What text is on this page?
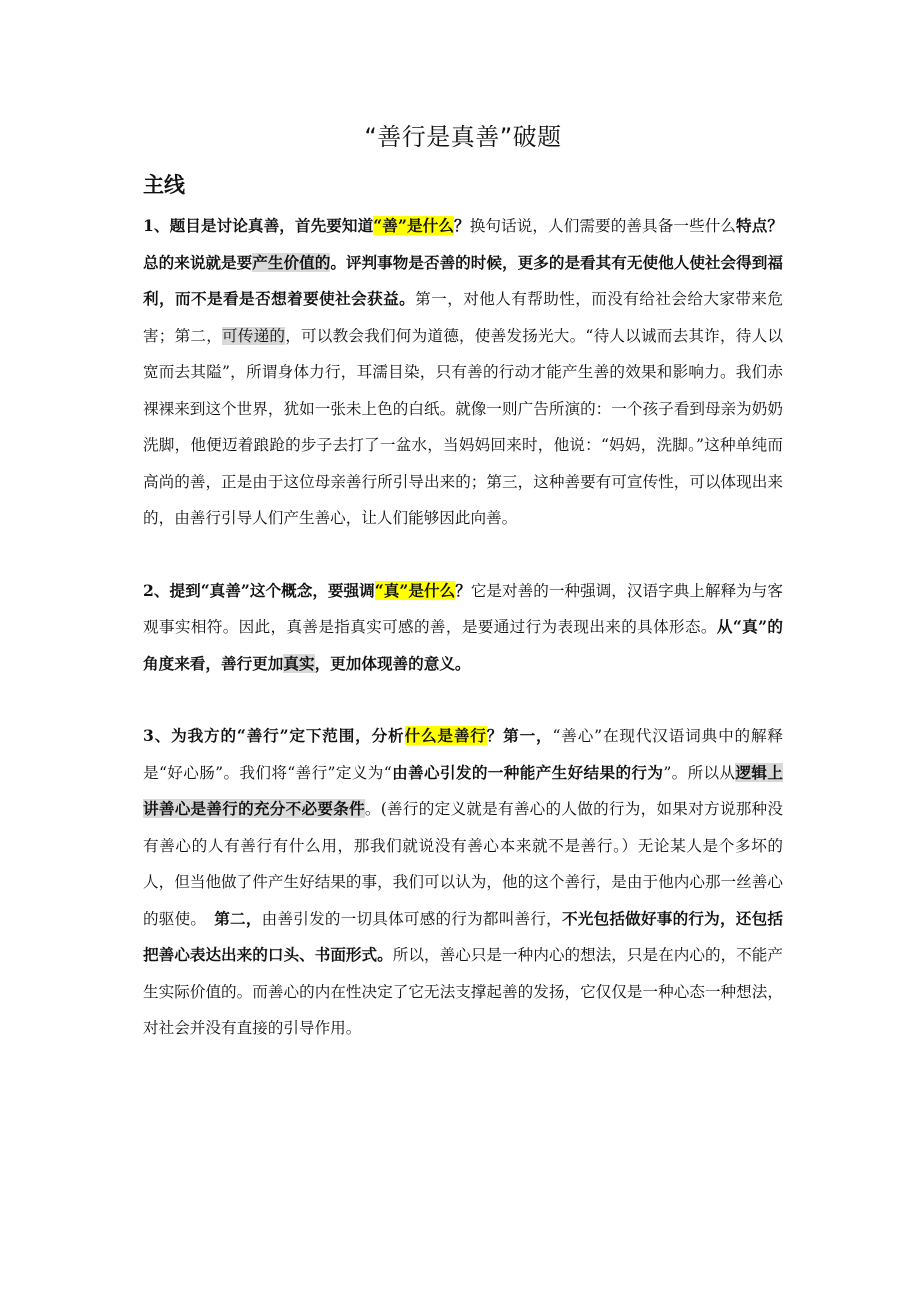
“善行是真善”破题
主线

1、题目是讨论真善，首先要知道“善”是什么？换句话说，人们需要的善具备一些什么特点？总的来说就是要产生价值的。评判事物是否善的时候，更多的是看其有无使他人使社会得到福利，而不是看是否想着要使社会获益。第一，对他人有帮助性，而没有给社会给大家带来危害；第二，可传递的，可以教会我们何为道德，使善发扬光大。“待人以诚而去其诈，待人以宽而去其隘”，所谓身体力行，耳濡目染，只有善的行动才能产生善的效果和影响力。我们赤裸裸来到这个世界，犹如一张未上色的白纸。就像一则广告所演的：一个孩子看到母亲为奶奶洗脚，他便迈着踉跄的步子去打了一盆水，当妈妈回来时，他说：“妈妈，洗脚。”这种单纯而高尚的善，正是由于这位母亲善行所引导出来的；第三，这种善要有可宣传性，可以体现出来的，由善行引导人们产生善心，让人们能够因此向善。

2、提到“真善”这个概念，要强调“真”是什么？它是对善的一种强调，汉语字典上解释为与客观事实相符。因此，真善是指真实可感的善，是要通过行为表现出来的具体形态。从“真”的角度来看，善行更加真实，更加体现善的意义。

3、为我方的“善行”定下范围，分析什么是善行？第一，“善心”在现代汉语词典中的解释是“好心肠”。我们将“善行”定义为“由善心引发的一种能产生好结果的行为”。所以从逻辑上讲善心是善行的充分不必要条件。(善行的定义就是有善心的人做的行为，如果对方说那种没有善心的人有善行有什么用，那我们就说没有善心本来就不是善行。）无论某人是个多坏的人，但当他做了件产生好结果的事，我们可以认为，他的这个善行，是由于他内心那一丝善心的驱使。　第二，由善引发的一切具体可感的行为都叫善行，不光包括做好事的行为，还包括把善心表达出来的口头、书面形式。所以，善心只是一种内心的想法，只是在内心的，不能产生实际价值的。而善心的内在性决定了它无法支撑起善的发扬，它仅仅是一种心态一种想法，对社会并没有直接的引导作用。
